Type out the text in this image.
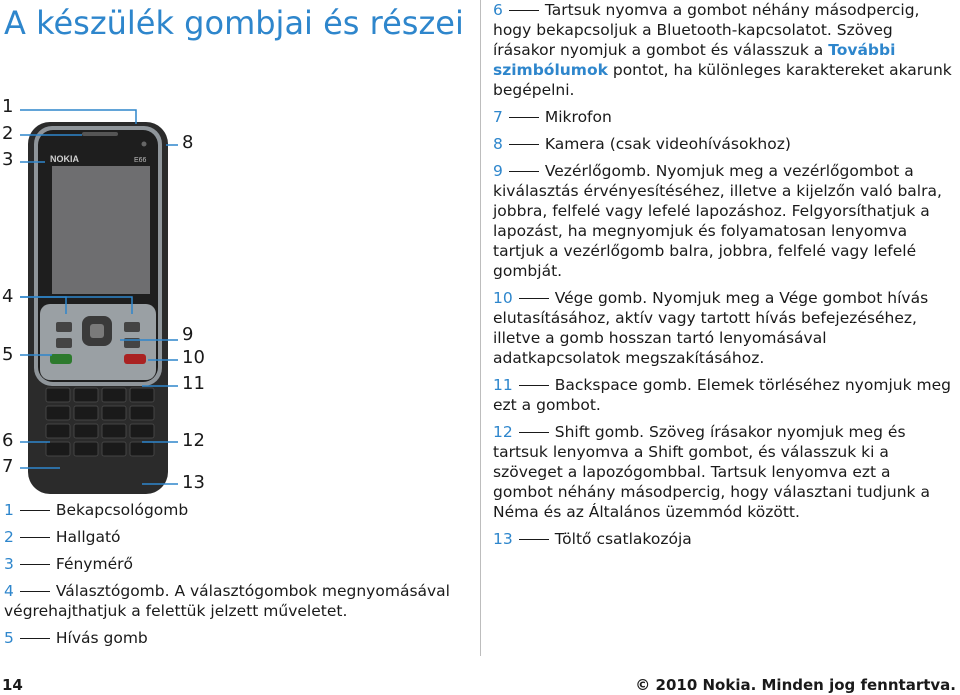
A készülék gombjai és részei
NOKIA	E66
1
2
3
4
5
6
7
8
9
10
11
12
13
1	Bekapcsológomb
2	Hallgató
3	Fénymérő
4	Választógomb. A választógombok megnyomásával végrehajthatjuk a felettük jelzett műveletet.
5	Hívás gomb
6	Tartsuk nyomva a gombot néhány másodpercig, hogy bekapcsoljuk a Bluetooth-kapcsolatot. Szöveg írásakor nyomjuk a gombot és válasszuk a További szimbólumok pontot, ha különleges karaktereket akarunk begépelni.
7	Mikrofon
8	Kamera (csak videohívásokhoz)
9	Vezérlőgomb. Nyomjuk meg a vezérlőgombot a kiválasztás érvényesítéséhez, illetve a kijelzőn való balra, jobbra, felfelé vagy lefelé lapozáshoz. Felgyorsíthatjuk a lapozást, ha megnyomjuk és folyamatosan lenyomva tartjuk a vezérlőgomb balra, jobbra, felfelé vagy lefelé gombját.
10	Vége gomb. Nyomjuk meg a Vége gombot hívás elutasításához, aktív vagy tartott hívás befejezéséhez, illetve a gomb hosszan tartó lenyomásával adatkapcsolatok megszakításához.
11	Backspace gomb. Elemek törléséhez nyomjuk meg ezt a gombot.
12	Shift gomb. Szöveg írásakor nyomjuk meg és tartsuk lenyomva a Shift gombot, és válasszuk ki a szöveget a lapozógombbal. Tartsuk lenyomva ezt a gombot néhány másodpercig, hogy választani tudjunk a Néma és az Általános üzemmód között.
13	Töltő csatlakozója
14	© 2010 Nokia. Minden jog fenntartva.
